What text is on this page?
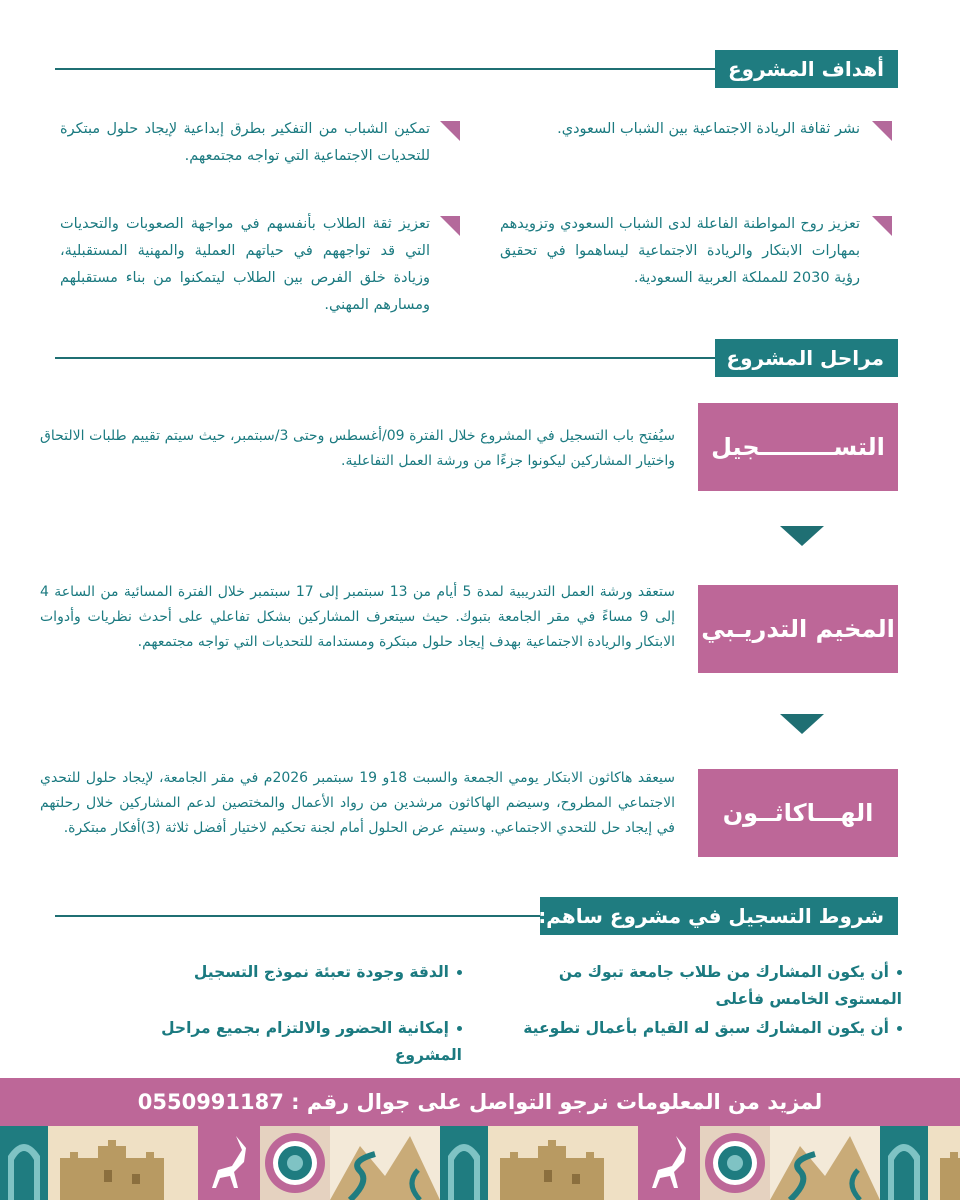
أهداف المشروع
نشر ثقافة الريادة الاجتماعية بين الشباب السعودي.
تمكين الشباب من التفكير بطرق إبداعية لإيجاد حلول مبتكرة للتحديات الاجتماعية التي تواجه مجتمعهم.
تعزيز روح المواطنة الفاعلة لدى الشباب السعودي وتزويدهم بمهارات الابتكار والريادة الاجتماعية ليساهموا في تحقيق رؤية 2030 للمملكة العربية السعودية.
تعزيز ثقة الطلاب بأنفسهم في مواجهة الصعوبات والتحديات التي قد تواجههم في حياتهم العملية والمهنية المستقبلية، وزيادة خلق الفرص بين الطلاب ليتمكنوا من بناء مستقبلهم ومسارهم المهني.
مراحل المشروع
التســـــــــجيل
سيُفتح باب التسجيل في المشروع خلال الفترة 09/أغسطس وحتى 3/سبتمبر، حيث سيتم تقييم طلبات الالتحاق واختيار المشاركين ليكونوا جزءًا من ورشة العمل التفاعلية.
المخيم التدريـبي
ستعقد ورشة العمل التدريبية لمدة 5 أيام من 13 سبتمبر إلى 17 سبتمبر خلال الفترة المسائية من الساعة 4 إلى 9 مساءً في مقر الجامعة بتبوك. حيث سيتعرف المشاركين بشكل تفاعلي على أحدث نظريات وأدوات الابتكار والريادة الاجتماعية بهدف إيجاد حلول مبتكرة ومستدامة للتحديات التي تواجه مجتمعهم.
الهـــاكاثــون
سيعقد هاكاثون الابتكار يومي الجمعة والسبت 18و 19 سبتمبر 2026م في مقر الجامعة، لإيجاد حلول للتحدي الاجتماعي المطروح، وسيضم الهاكاثون مرشدين من رواد الأعمال والمختصين لدعم المشاركين خلال رحلتهم في إيجاد حل للتحدي الاجتماعي. وسيتم عرض الحلول أمام لجنة تحكيم لاختيار أفضل ثلاثة (3)أفكار مبتكرة.
شروط التسجيل في مشروع ساهم:
أن يكون المشارك من طلاب جامعة تبوك من المستوى الخامس فأعلى
الدقة وجودة تعبئة نموذج التسجيل
أن يكون المشارك سبق له القيام بأعمال تطوعية
إمكانية الحضور والالتزام بجميع مراحل المشروع
لمزيد من المعلومات نرجو التواصل على جوال رقم : 0550991187
